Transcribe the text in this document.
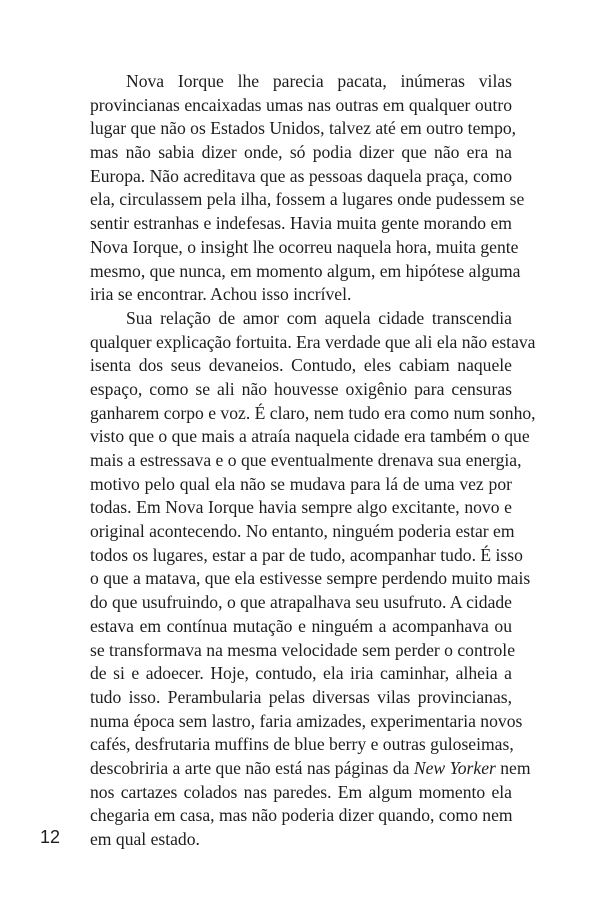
Nova Iorque lhe parecia pacata, inúmeras vilas
provincianas encaixadas umas nas outras em qualquer outro
lugar que não os Estados Unidos, talvez até em outro tempo,
mas não sabia dizer onde, só podia dizer que não era na
Europa. Não acreditava que as pessoas daquela praça, como
ela, circulassem pela ilha, fossem a lugares onde pudessem se
sentir estranhas e indefesas. Havia muita gente morando em
Nova Iorque, o insight lhe ocorreu naquela hora, muita gente
mesmo, que nunca, em momento algum, em hipótese alguma
iria se encontrar. Achou isso incrível.
Sua relação de amor com aquela cidade transcendia
qualquer explicação fortuita. Era verdade que ali ela não estava
isenta dos seus devaneios. Contudo, eles cabiam naquele
espaço, como se ali não houvesse oxigênio para censuras
ganharem corpo e voz. É claro, nem tudo era como num sonho,
visto que o que mais a atraía naquela cidade era também o que
mais a estressava e o que eventualmente drenava sua energia,
motivo pelo qual ela não se mudava para lá de uma vez por
todas. Em Nova Iorque havia sempre algo excitante, novo e
original acontecendo. No entanto, ninguém poderia estar em
todos os lugares, estar a par de tudo, acompanhar tudo. É isso
o que a matava, que ela estivesse sempre perdendo muito mais
do que usufruindo, o que atrapalhava seu usufruto. A cidade
estava em contínua mutação e ninguém a acompanhava ou
se transformava na mesma velocidade sem perder o controle
de si e adoecer. Hoje, contudo, ela iria caminhar, alheia a
tudo isso. Perambularia pelas diversas vilas provincianas,
numa época sem lastro, faria amizades, experimentaria novos
cafés, desfrutaria muffins de blue berry e outras guloseimas,
descobriria a arte que não está nas páginas da New Yorker nem
nos cartazes colados nas paredes. Em algum momento ela
chegaria em casa, mas não poderia dizer quando, como nem
em qual estado.
12
